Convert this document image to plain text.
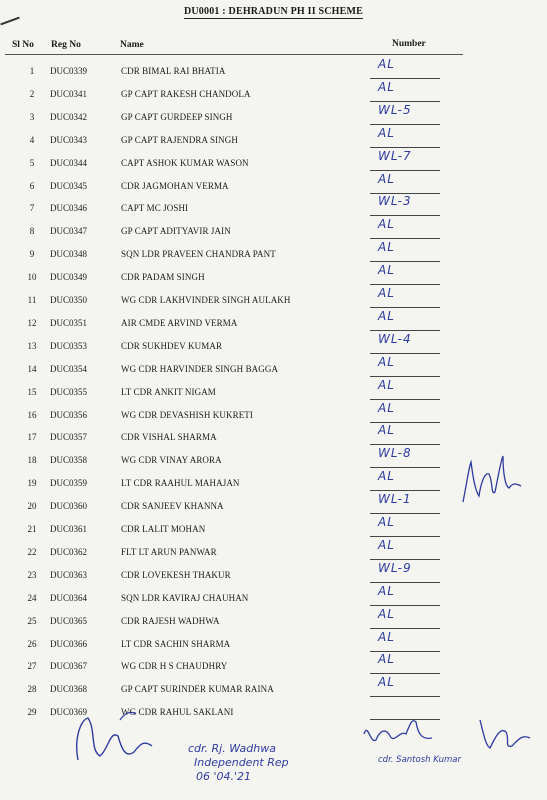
DU0001 : DEHRADUN PH II SCHEME
Sl No Reg No	Name	Number
1	DUC0339	CDR BIMAL RAI BHATIA	AL
2	DUC0341	GP CAPT RAKESH CHANDOLA	AL
3	DUC0342	GP CAPT GURDEEP SINGH	WL-5
4	DUC0343	GP CAPT RAJENDRA SINGH	AL
5	DUC0344	CAPT ASHOK KUMAR WASON	WL-7
6	DUC0345	CDR JAGMOHAN VERMA	AL
7	DUC0346	CAPT MC JOSHI	WL-3
8	DUC0347	GP CAPT ADITYAVIR JAIN	AL
9	DUC0348	SQN LDR PRAVEEN CHANDRA PANT	AL
10	DUC0349	CDR PADAM SINGH	AL
11	DUC0350	WG CDR LAKHVINDER SINGH AULAKH	AL
12	DUC0351	AIR CMDE ARVIND VERMA	AL
13	DUC0353	CDR SUKHDEV KUMAR	WL-4
14	DUC0354	WG CDR HARVINDER SINGH BAGGA	AL
15	DUC0355	LT CDR ANKIT NIGAM	AL
16	DUC0356	WG CDR DEVASHISH KUKRETI	AL
17	DUC0357	CDR VISHAL SHARMA	AL
18	DUC0358	WG CDR VINAY ARORA	WL-8
19	DUC0359	LT CDR RAAHUL MAHAJAN	AL
20	DUC0360	CDR SANJEEV KHANNA	WL-1
21	DUC0361	CDR LALIT MOHAN	AL
22	DUC0362	FLT LT ARUN PANWAR	AL
23	DUC0363	CDR LOVEKESH THAKUR	WL-9
24	DUC0364	SQN LDR KAVIRAJ CHAUHAN	AL
25	DUC0365	CDR RAJESH WADHWA	AL
26	DUC0366	LT CDR SACHIN SHARMA	AL
27	DUC0367	WG CDR H S CHAUDHRY	AL
28	DUC0368	GP CAPT SURINDER KUMAR RAINA	AL
29	DUC0369	WG CDR RAHUL SAKLANI
cdr. Rj. Wadhwa
Independent Rep
06 '04.'21
cdr. Santosh Kumar
